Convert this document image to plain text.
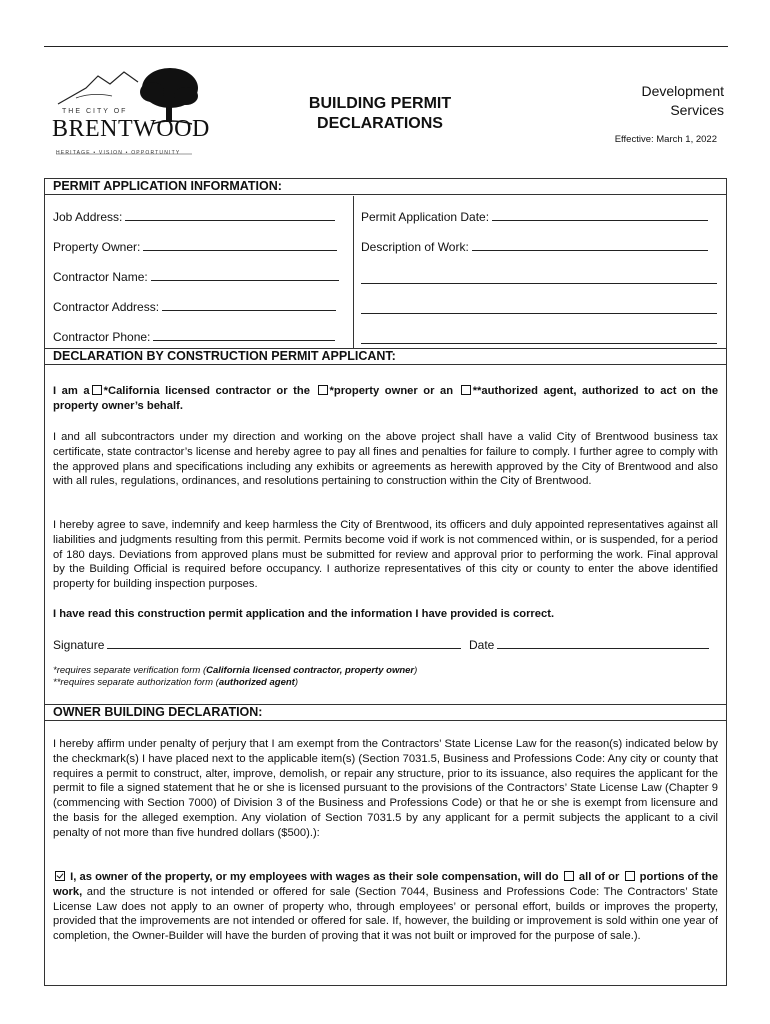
THE CITY OF
BRENTWOOD
HERITAGE • VISION • OPPORTUNITY
BUILDING PERMIT
DECLARATIONS
Development
Services
Effective: March 1, 2022
PERMIT APPLICATION INFORMATION:
Job Address:
Property Owner:
Contractor Name:
Contractor Address:
Contractor Phone:
Permit Application Date:
Description of Work:
DECLARATION BY CONSTRUCTION PERMIT APPLICANT:
I am a *California licensed contractor or the *property owner or an **authorized agent, authorized to act on the property owner’s behalf.
I and all subcontractors under my direction and working on the above project shall have a valid City of Brentwood business tax certificate, state contractor’s license and hereby agree to pay all fines and penalties for failure to comply. I further agree to comply with the approved plans and specifications including any exhibits or agreements as herewith approved by the City of Brentwood and also with all rules, regulations, ordinances, and resolutions pertaining to construction within the City of Brentwood.
I hereby agree to save, indemnify and keep harmless the City of Brentwood, its officers and duly appointed representatives against all liabilities and judgments resulting from this permit. Permits become void if work is not commenced within, or is suspended, for a period of 180 days. Deviations from approved plans must be submitted for review and approval prior to performing the work. Final approval by the Building Official is required before occupancy. I authorize representatives of this city or county to enter the above identified property for building inspection purposes.
I have read this construction permit application and the information I have provided is correct.
Signature	Date
*requires separate verification form (California licensed contractor, property owner)
**requires separate authorization form (authorized agent)
OWNER BUILDING DECLARATION:
I hereby affirm under penalty of perjury that I am exempt from the Contractors’ State License Law for the reason(s) indicated below by the checkmark(s) I have placed next to the applicable item(s) (Section 7031.5, Business and Professions Code: Any city or county that requires a permit to construct, alter, improve, demolish, or repair any structure, prior to its issuance, also requires the applicant for the permit to file a signed statement that he or she is licensed pursuant to the provisions of the Contractors’ State License Law (Chapter 9 (commencing with Section 7000) of Division 3 of the Business and Professions Code) or that he or she is exempt from licensure and the basis for the alleged exemption. Any violation of Section 7031.5 by any applicant for a permit subjects the applicant to a civil penalty of not more than five hundred dollars ($500).):
I, as owner of the property, or my employees with wages as their sole compensation, will do all of or portions of the work, and the structure is not intended or offered for sale (Section 7044, Business and Professions Code: The Contractors’ State License Law does not apply to an owner of property who, through employees’ or personal effort, builds or improves the property, provided that the improvements are not intended or offered for sale. If, however, the building or improvement is sold within one year of completion, the Owner-Builder will have the burden of proving that it was not built or improved for the purpose of sale.).
